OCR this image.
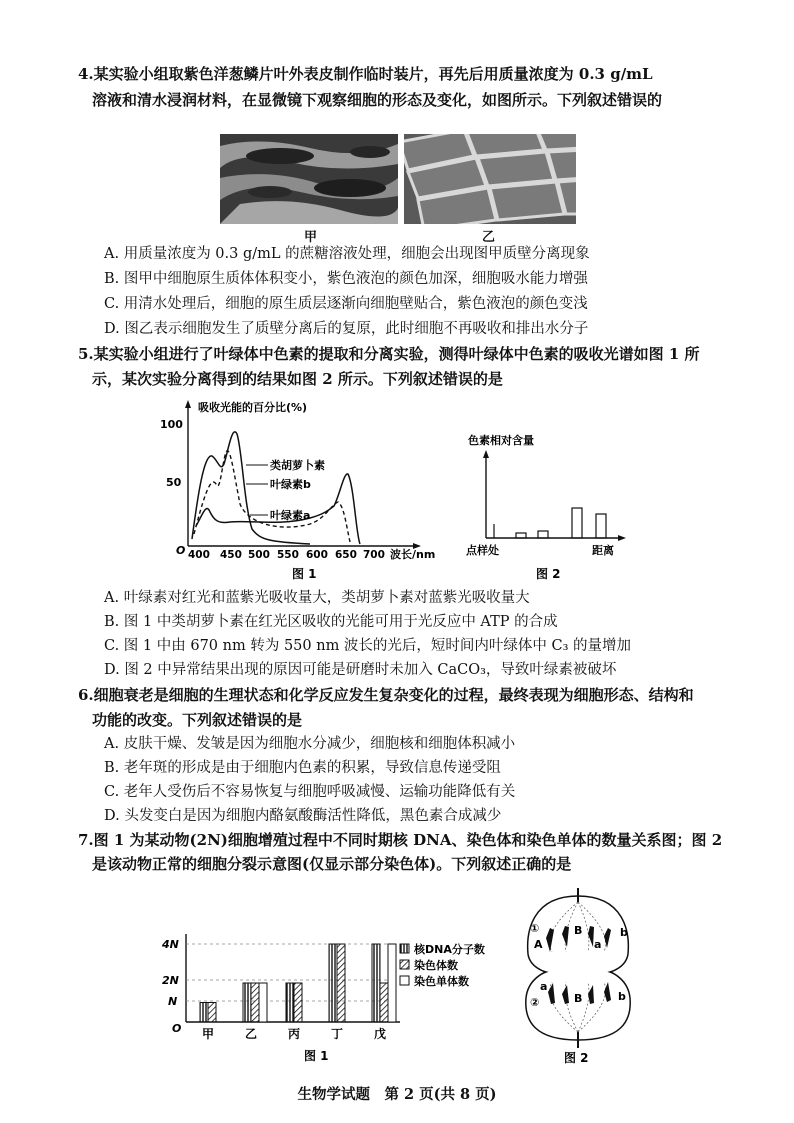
4.某实验小组取紫色洋葱鳞片叶外表皮制作临时装片，再先后用质量浓度为 0.3 g/mL
溶液和清水浸润材料，在显微镜下观察细胞的形态及变化，如图所示。下列叙述错误的
甲	乙
A. 用质量浓度为 0.3 g/mL 的蔗糖溶液处理，细胞会出现图甲质壁分离现象
B. 图甲中细胞原生质体体积变小，紫色液泡的颜色加深，细胞吸水能力增强
C. 用清水处理后，细胞的原生质层逐渐向细胞壁贴合，紫色液泡的颜色变浅
D. 图乙表示细胞发生了质壁分离后的复原，此时细胞不再吸收和排出水分子
5.某实验小组进行了叶绿体中色素的提取和分离实验，测得叶绿体中色素的吸收光谱如图 1 所
示，某次实验分离得到的结果如图 2 所示。下列叙述错误的是
吸收光能的百分比(%)
100
50
O 400 450 500 550 600 650 700 波长/nm
类胡萝卜素
叶绿素b
叶绿素a
图 1
色素相对含量
点样处	距离
图 2
A. 叶绿素对红光和蓝紫光吸收量大，类胡萝卜素对蓝紫光吸收量大
B. 图 1 中类胡萝卜素在红光区吸收的光能可用于光反应中 ATP 的合成
C. 图 1 中由 670 nm 转为 550 nm 波长的光后，短时间内叶绿体中 C₃ 的量增加
D. 图 2 中异常结果出现的原因可能是研磨时未加入 CaCO₃，导致叶绿素被破坏
6.细胞衰老是细胞的生理状态和化学反应发生复杂变化的过程，最终表现为细胞形态、结构和
功能的改变。下列叙述错误的是
A. 皮肤干燥、发皱是因为细胞水分减少，细胞核和细胞体积减小
B. 老年斑的形成是由于细胞内色素的积累，导致信息传递受阻
C. 老年人受伤后不容易恢复与细胞呼吸减慢、运输功能降低有关
D. 头发变白是因为细胞内酪氨酸酶活性降低，黑色素合成减少
7.图 1 为某动物(2N)细胞增殖过程中不同时期核 DNA、染色体和染色单体的数量关系图；图 2
是该动物正常的细胞分裂示意图(仅显示部分染色体)。下列叙述正确的是
4N
2N
N
O 甲	乙	丙	丁	戊
核DNA分子数
染色体数
染色单体数
图 1
①
②
A
B
a
b
a
B	b
图 2
生物学试题　第 2 页(共 8 页)
